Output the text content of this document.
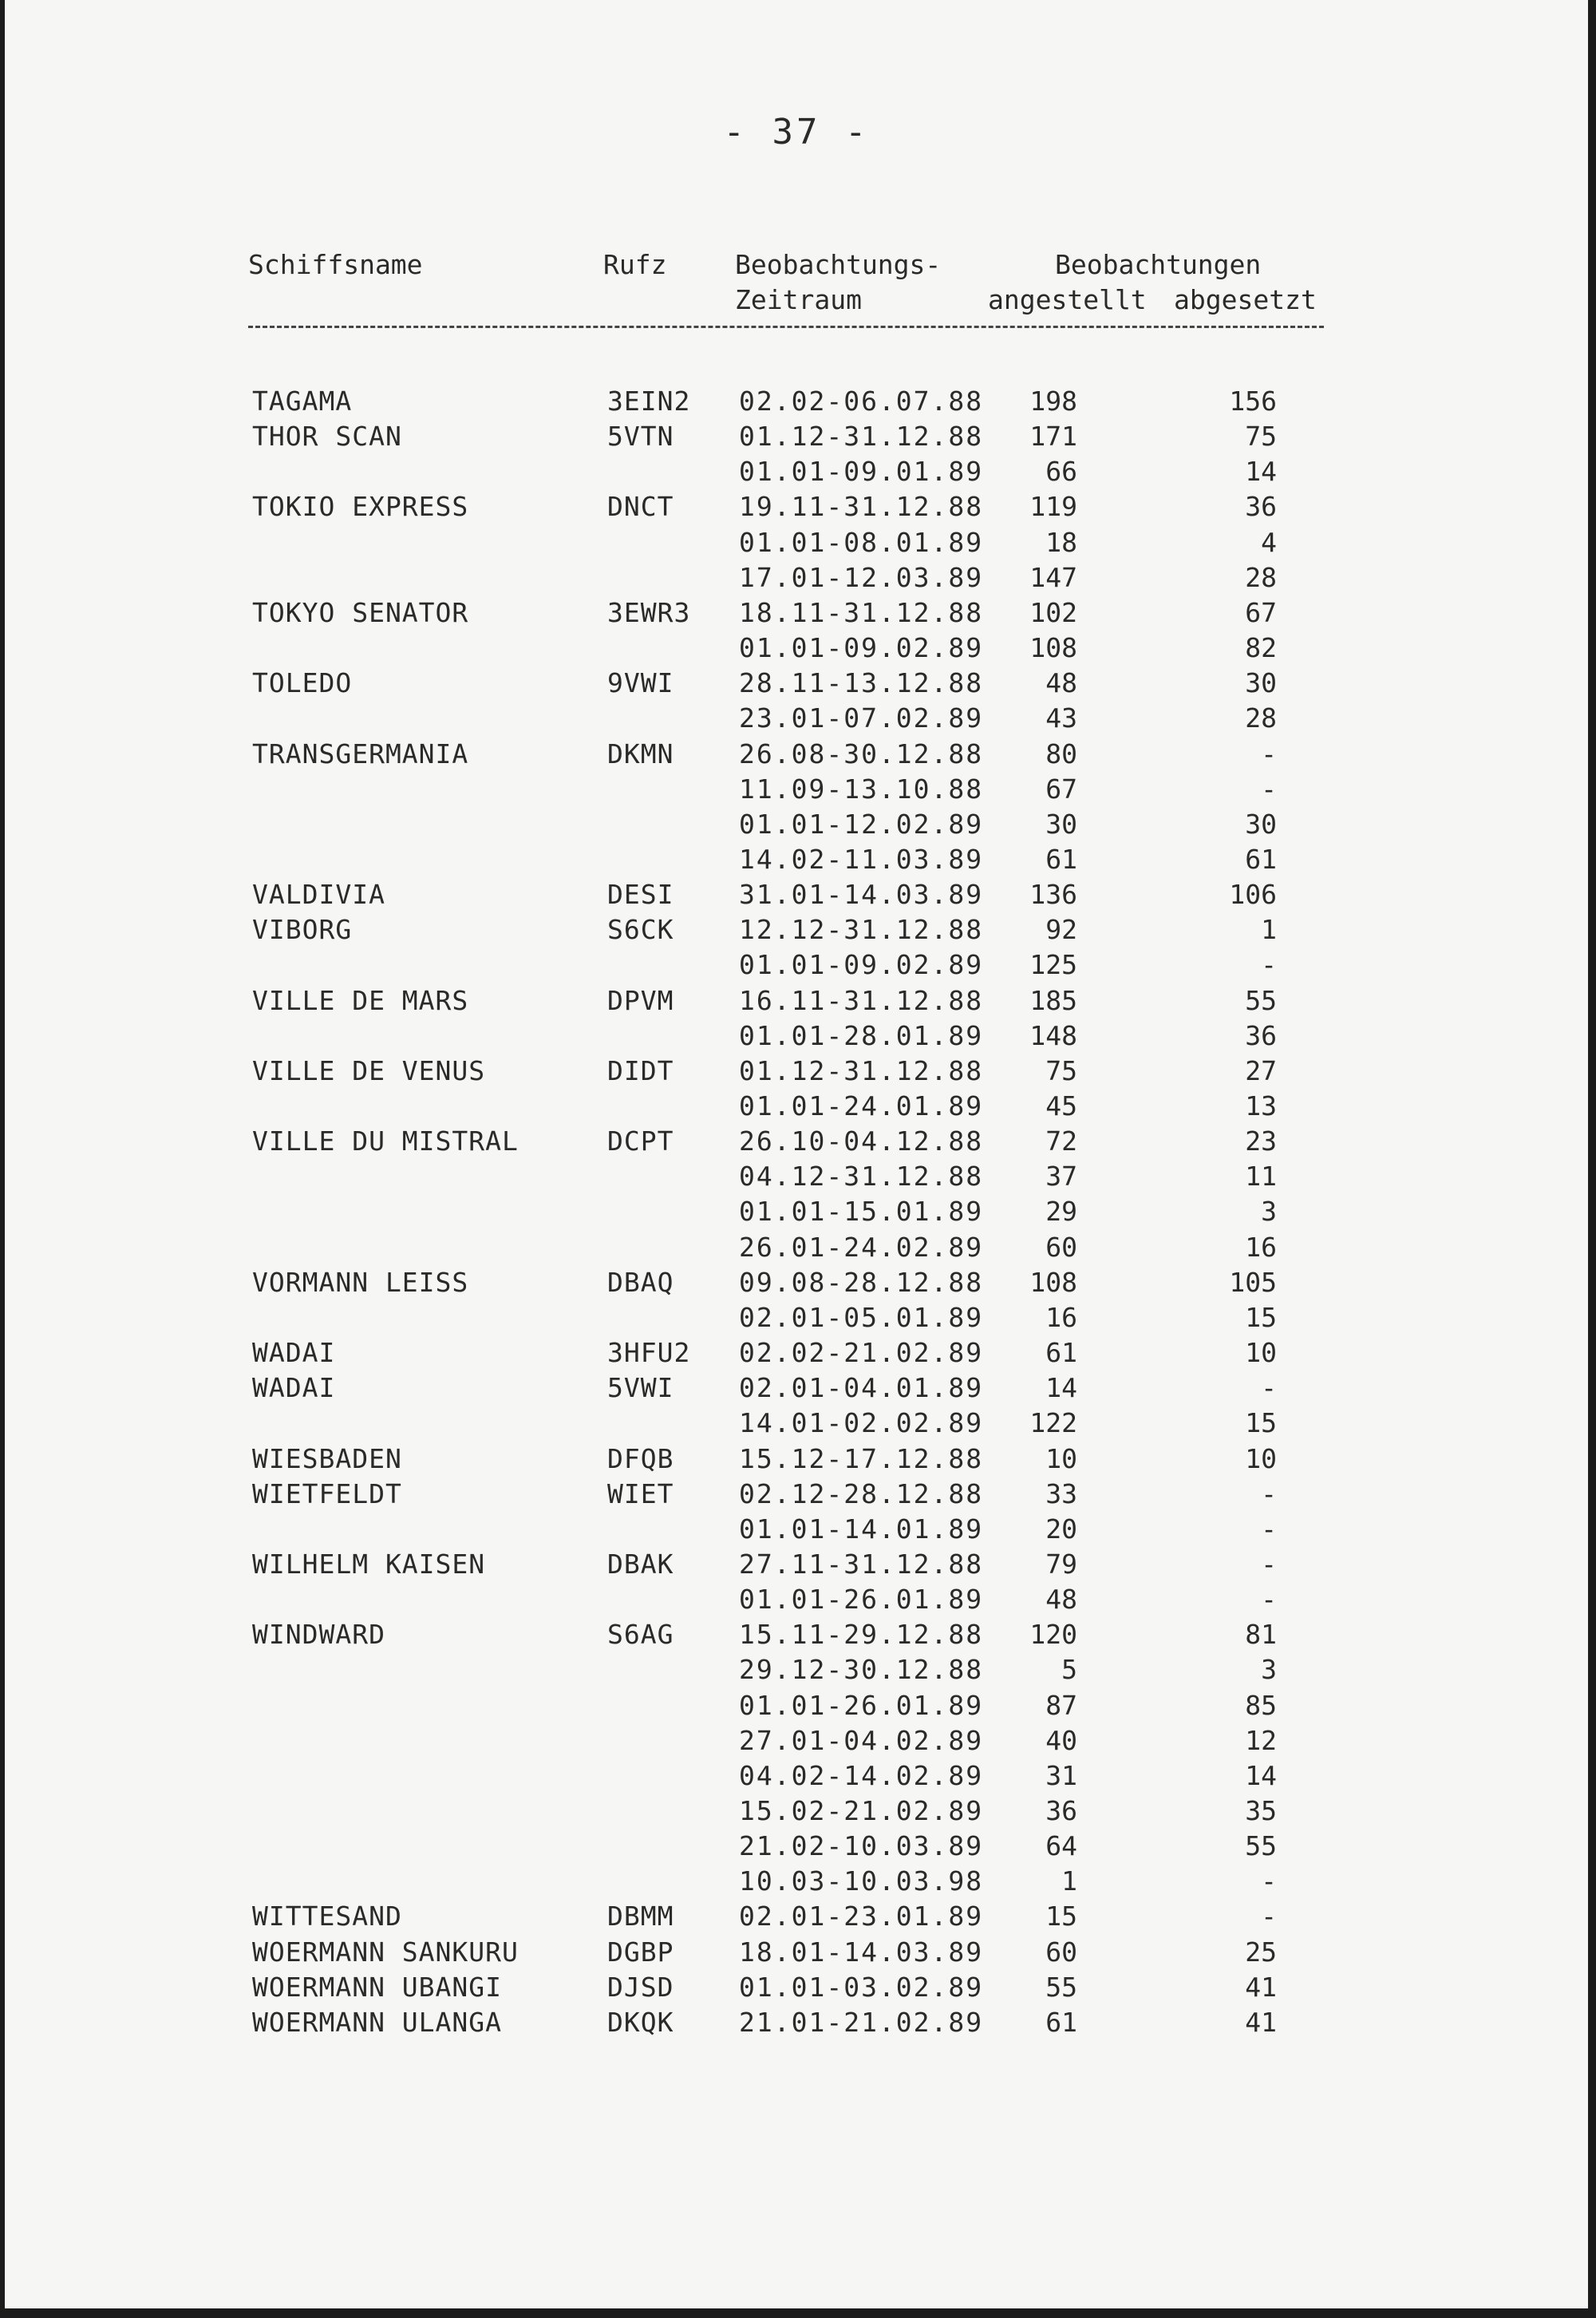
- 37 -
Schiffsname	Rufz	Beobachtungs-
Zeitraum
Beobachtungen
angestellt abgesetzt
TAGAMA	3EIN2 02.02-06.07.88 198	156
THOR SCAN	5VTN 01.12-31.12.88 171	75
01.01-09.01.89 66	14
TOKIO EXPRESS	DNCT 19.11-31.12.88 119	36
01.01-08.01.89 18	4
17.01-12.03.89 147	28
TOKYO SENATOR	3EWR3 18.11-31.12.88 102	67
01.01-09.02.89 108	82
TOLEDO	9VWI 28.11-13.12.88 48	30
23.01-07.02.89 43	28
TRANSGERMANIA	DKMN 26.08-30.12.88 80	-
11.09-13.10.88 67	-
01.01-12.02.89 30	30
14.02-11.03.89 61	61
VALDIVIA	DESI 31.01-14.03.89 136	106
VIBORG	S6CK 12.12-31.12.88 92	1
01.01-09.02.89 125	-
VILLE DE MARS	DPVM 16.11-31.12.88 185	55
01.01-28.01.89 148	36
VILLE DE VENUS	DIDT 01.12-31.12.88 75	27
01.01-24.01.89 45	13
VILLE DU MISTRAL	DCPT 26.10-04.12.88 72	23
04.12-31.12.88 37	11
01.01-15.01.89 29	3
26.01-24.02.89 60	16
VORMANN LEISS	DBAQ 09.08-28.12.88 108	105
02.01-05.01.89 16	15
WADAI	3HFU2 02.02-21.02.89 61	10
WADAI	5VWI 02.01-04.01.89 14	-
14.01-02.02.89 122	15
WIESBADEN	DFQB 15.12-17.12.88 10	10
WIETFELDT	WIET 02.12-28.12.88 33	-
01.01-14.01.89 20	-
WILHELM KAISEN	DBAK 27.11-31.12.88 79	-
01.01-26.01.89 48	-
WINDWARD	S6AG 15.11-29.12.88 120	81
29.12-30.12.88	5	3
01.01-26.01.89 87	85
27.01-04.02.89 40	12
04.02-14.02.89 31	14
15.02-21.02.89 36	35
21.02-10.03.89 64	55
10.03-10.03.98	1	-
WITTESAND	DBMM 02.01-23.01.89 15	-
WOERMANN SANKURU	DGBP 18.01-14.03.89 60	25
WOERMANN UBANGI	DJSD 01.01-03.02.89 55	41
WOERMANN ULANGA	DKQK 21.01-21.02.89 61	41
